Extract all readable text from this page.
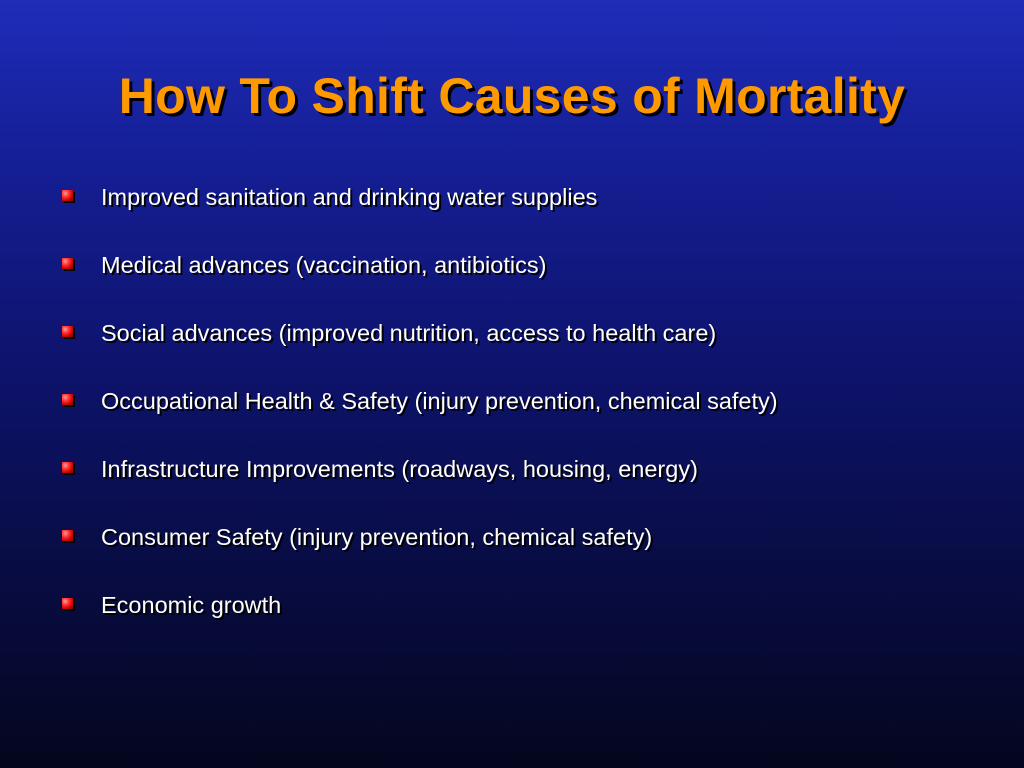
How To Shift Causes of Mortality
Improved sanitation and drinking water supplies
Medical advances (vaccination, antibiotics)
Social advances (improved nutrition, access to health care)
Occupational Health & Safety (injury prevention, chemical safety)
Infrastructure Improvements (roadways, housing, energy)
Consumer Safety (injury prevention, chemical safety)
Economic growth
